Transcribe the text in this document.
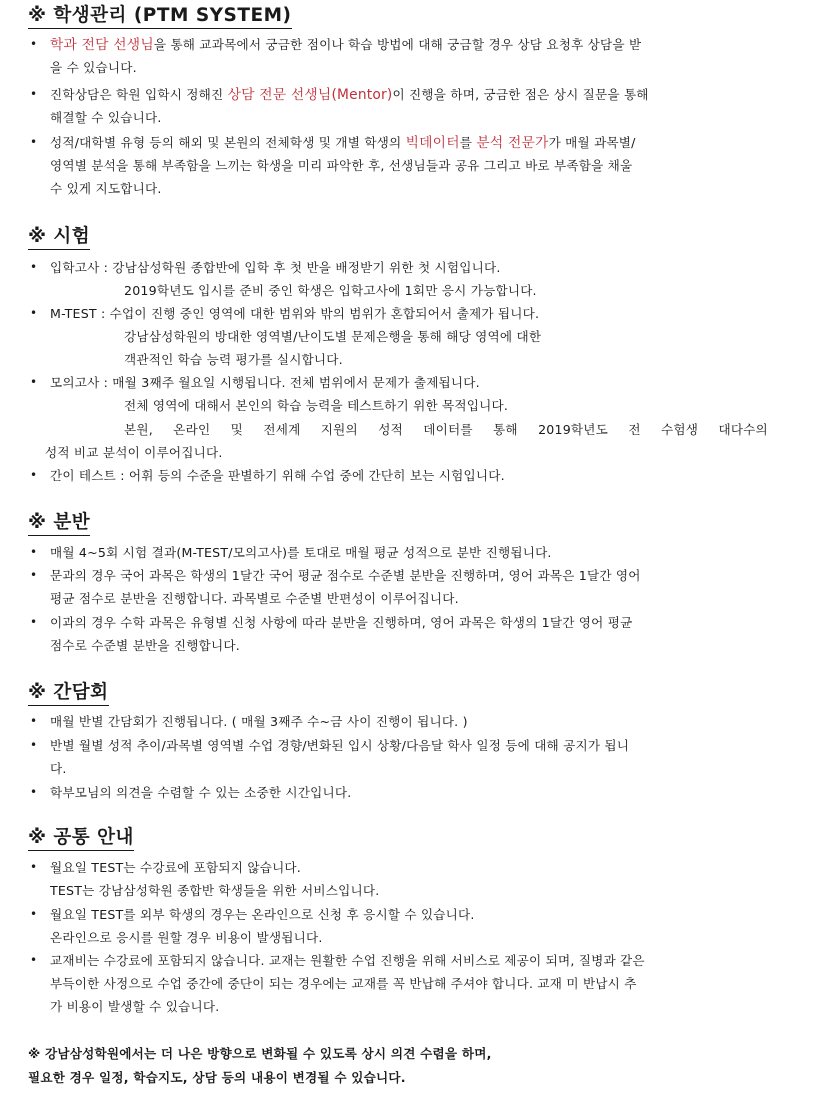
※ 학생관리 (PTM SYSTEM)
• 학과 전담 선생님을 통해 교과목에서 궁금한 점이나 학습 방법에 대해 궁금할 경우 상담 요청후 상담을 받
을 수 있습니다.
• 진학상담은 학원 입학시 정해진 상담 전문 선생님(Mentor)이 진행을 하며, 궁금한 점은 상시 질문을 통해
해결할 수 있습니다.
• 성적/대학별 유형 등의 해외 및 본원의 전체학생 및 개별 학생의 빅데이터를 분석 전문가가 매월 과목별/
영역별 분석을 통해 부족함을 느끼는 학생을 미리 파악한 후, 선생님들과 공유 그리고 바로 부족함을 채울
수 있게 지도합니다.
※ 시험
• 입학고사 : 강남삼성학원 종합반에 입학 후 첫 반을 배정받기 위한 첫 시험입니다.
2019학년도 입시를 준비 중인 학생은 입학고사에 1회만 응시 가능합니다.
• M-TEST : 수업이 진행 중인 영역에 대한 범위와 밖의 범위가 혼합되어서 출제가 됩니다.
강남삼성학원의 방대한 영역별/난이도별 문제은행을 통해 해당 영역에 대한
객관적인 학습 능력 평가를 실시합니다.
• 모의고사 : 매월 3째주 월요일 시행됩니다. 전체 범위에서 문제가 출제됩니다.
전체 영역에 대해서 본인의 학습 능력을 테스트하기 위한 목적입니다.
본원, 온라인 및 전세계 지원의 성적 데이터를 통해 2019학년도 전 수험생 대다수의
성적 비교 분석이 이루어집니다.
• 간이 테스트 : 어휘 등의 수준을 판별하기 위해 수업 중에 간단히 보는 시험입니다.
※ 분반
• 매월 4~5회 시험 결과(M-TEST/모의고사)를 토대로 매월 평균 성적으로 분반 진행됩니다.
• 문과의 경우 국어 과목은 학생의 1달간 국어 평균 점수로 수준별 분반을 진행하며, 영어 과목은 1달간 영어
평균 점수로 분반을 진행합니다. 과목별로 수준별 반편성이 이루어집니다.
• 이과의 경우 수학 과목은 유형별 신청 사항에 따라 분반을 진행하며, 영어 과목은 학생의 1달간 영어 평균
점수로 수준별 분반을 진행합니다.
※ 간담회
• 매월 반별 간담회가 진행됩니다. ( 매월 3째주 수~금 사이 진행이 됩니다. )
• 반별 월별 성적 추이/과목별 영역별 수업 경향/변화된 입시 상황/다음달 학사 일정 등에 대해 공지가 됩니
다.
• 학부모님의 의견을 수렴할 수 있는 소중한 시간입니다.
※ 공통 안내
• 월요일 TEST는 수강료에 포함되지 않습니다.
TEST는 강남삼성학원 종합반 학생들을 위한 서비스입니다.
• 월요일 TEST를 외부 학생의 경우는 온라인으로 신청 후 응시할 수 있습니다.
온라인으로 응시를 원할 경우 비용이 발생됩니다.
• 교재비는 수강료에 포함되지 않습니다. 교재는 원활한 수업 진행을 위해 서비스로 제공이 되며, 질병과 같은
부득이한 사정으로 수업 중간에 중단이 되는 경우에는 교재를 꼭 반납해 주셔야 합니다. 교재 미 반납시 추
가 비용이 발생할 수 있습니다.
※ 강남삼성학원에서는 더 나은 방향으로 변화될 수 있도록 상시 의견 수렴을 하며,
필요한 경우 일정, 학습지도, 상담 등의 내용이 변경될 수 있습니다.
